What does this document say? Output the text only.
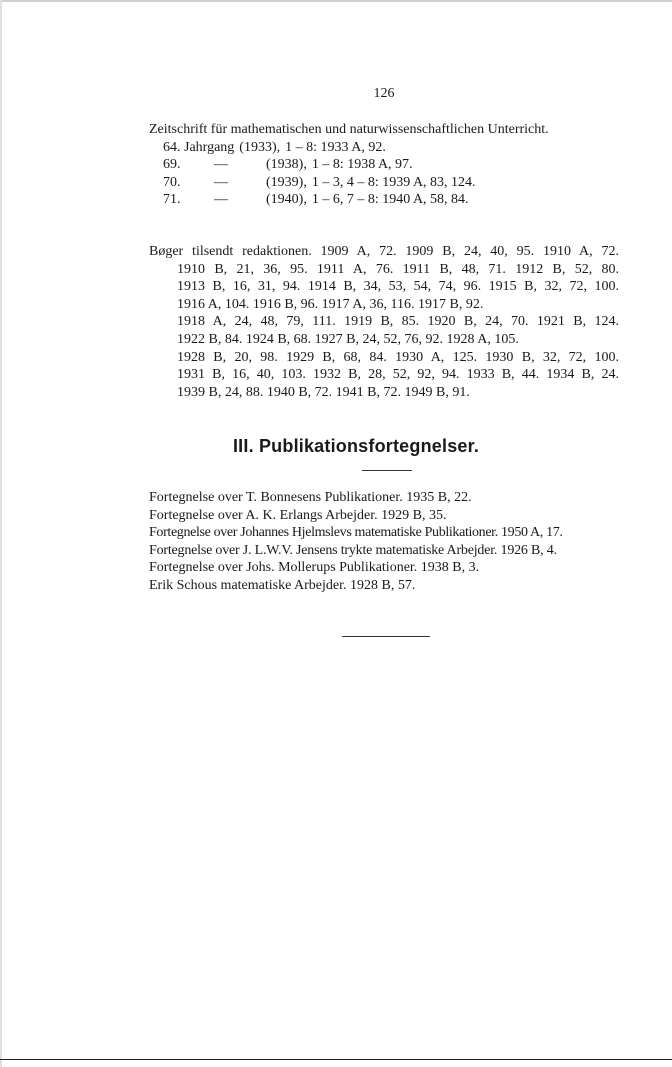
126
Zeitschrift für mathematischen und naturwissenschaftlichen Unterricht.
64. Jahrgang (1933), 1 – 8: 1933 A, 92.
69.	—	(1938), 1 – 8: 1938 A, 97.
70.	—	(1939), 1 – 3, 4 – 8: 1939 A, 83, 124.
71.	—	(1940), 1 – 6, 7 – 8: 1940 A, 58, 84.

Bøger tilsendt redaktionen. 1909 A, 72. 1909 B, 24, 40, 95. 1910 A, 72.

1910 B, 21, 36, 95. 1911 A, 76. 1911 B, 48, 71. 1912 B, 52, 80.

1913 B, 16, 31, 94. 1914 B, 34, 53, 54, 74, 96. 1915 B, 32, 72, 100.

1916 A, 104. 1916 B, 96. 1917 A, 36, 116. 1917 B, 92.

1918 A, 24, 48, 79, 111. 1919 B, 85. 1920 B, 24, 70. 1921 B, 124.

1922 B, 84. 1924 B, 68. 1927 B, 24, 52, 76, 92. 1928 A, 105.

1928 B, 20, 98. 1929 B, 68, 84. 1930 A, 125. 1930 B, 32, 72, 100.

1931 B, 16, 40, 103. 1932 B, 28, 52, 92, 94. 1933 B, 44. 1934 B, 24.

1939 B, 24, 88. 1940 B, 72. 1941 B, 72. 1949 B, 91.

III. Publikationsfortegnelser.

Fortegnelse over T. Bonnesens Publikationer. 1935 B, 22.

Fortegnelse over A. K. Erlangs Arbejder. 1929 B, 35.

Fortegnelse over Johannes Hjelmslevs matematiske Publikationer. 1950 A, 17.

Fortegnelse over J. L.W.V. Jensens trykte matematiske Arbejder. 1926 B, 4.

Fortegnelse over Johs. Mollerups Publikationer. 1938 B, 3.

Erik Schous matematiske Arbejder. 1928 B, 57.
